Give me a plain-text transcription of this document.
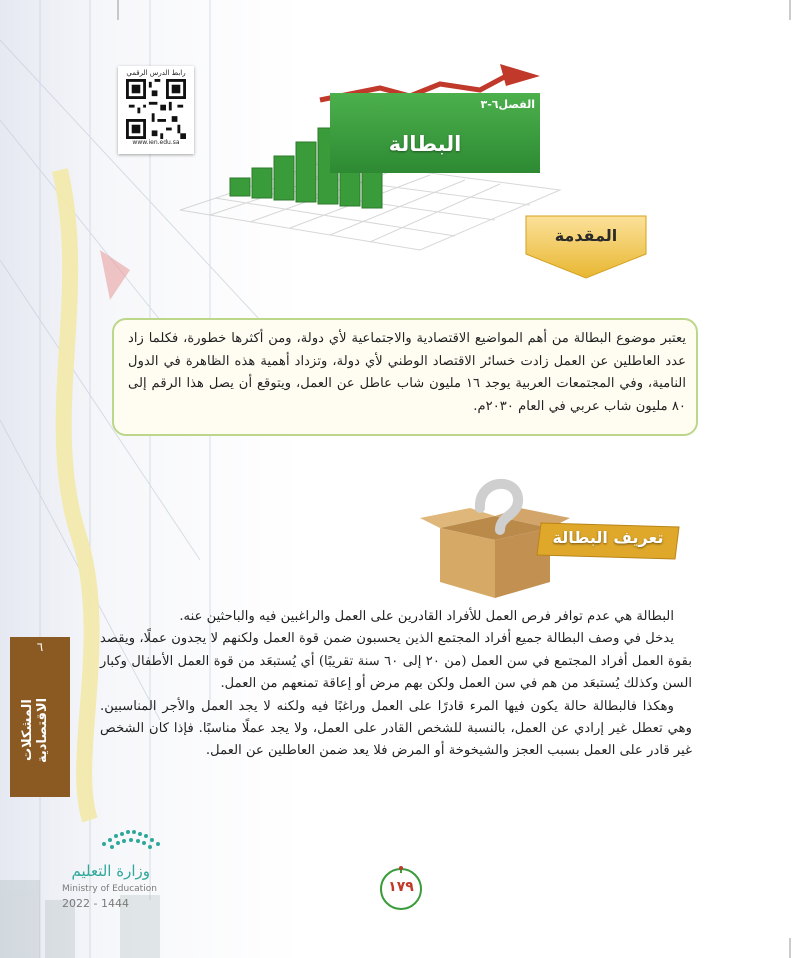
الفصل٦-٣
البطالة
رابط الدرس الرقمي
www.ien.edu.sa
المقدمة
يعتبر موضوع البطالة من أهم المواضيع الاقتصادية والاجتماعية لأي دولة، ومن أكثرها خطورة، فكلما زاد عدد العاطلين عن العمل زادت خسائر الاقتصاد الوطني لأي دولة، وتزداد أهمية هذه الظاهرة في الدول النامية، وفي المجتمعات العربية يوجد ١٦ مليون شاب عاطل عن العمل، ويتوقع أن يصل هذا الرقم إلى ٨٠ مليون شاب عربي في العام ٢٠٣٠م.
تعريف البطالة

البطالة هي عدم توافر فرص العمل للأفراد القادرين على العمل والراغبين فيه والباحثين عنه.

يدخل في وصف البطالة جميع أفراد المجتمع الذين يحسبون ضمن قوة العمل ولكنهم لا يجدون عملًا، ويقصد بقوة العمل أفراد المجتمع في سن العمل (من ٢٠ إلى ٦٠ سنة تقريبًا) أي يُستبعَد من قوة العمل الأطفال وكبار السن وكذلك يُستبعَد من هم في سن العمل ولكن بهم مرض أو إعاقة تمنعهم من العمل.

وهكذا فالبطالة حالة يكون فيها المرء قادرًا على العمل وراغبًا فيه ولكنه لا يجد العمل والأجر المناسبين. وهي تعطل غير إرادي عن العمل، بالنسبة للشخص القادر على العمل، ولا يجد عملًا مناسبًا. فإذا كان الشخص غير قادر على العمل بسبب العجز والشيخوخة أو المرض فلا يعد ضمن العاطلين عن العمل.

٦
المشكلات الاقتصادية
وزارة التعليم
Ministry of Education
2022 - 1444
١٧٩
